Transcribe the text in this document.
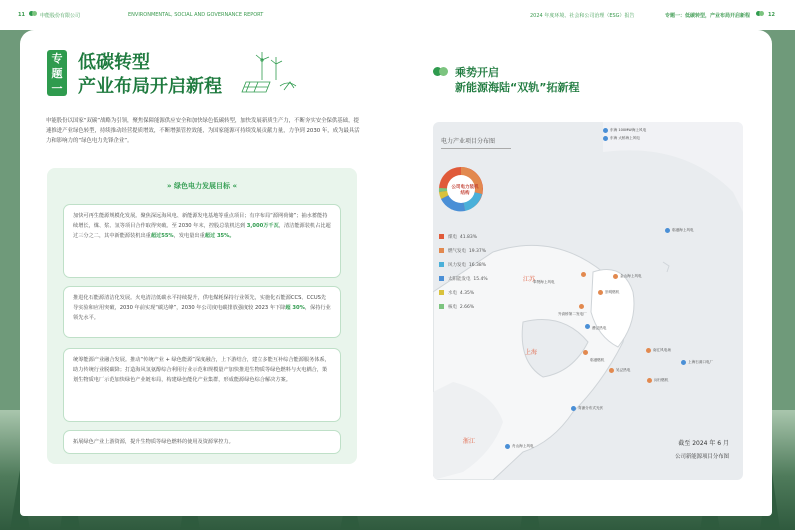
11	申能股份有限公司	ENVIRONMENTAL, SOCIAL AND GOVERNANCE REPORT	2024 年度环境、社会和公司治理（ESG）报告	专题一：低碳转型，产业布局开启新程	12
专
题
一
低碳转型
产业布局开启新程
申能股份以国家“双碳”战略为引领，聚焦保障能源供应安全和加快绿色低碳转型，加快发展新质生产力，不断夯实安全保供基础，提速推进产业绿色转型，持续推动经营提质增效，不断增强管控效能，为国家能源可持续发展贡献力量，力争到 2030 年，成为最具活力和影响力的“绿色电力先锋企业”。
» 绿色电力发展目标 «
加快可再生能源规模化发展。聚焦深远海风电、新能源发电基地等重点项目；有序布局“源网荷储”；抽水蓄能持续增长，煤、浆、氢等项目合作取得突破。至 2030 年末，控股总装机达到 3,000万千瓦，清洁能源装机占比超过三分之二，其中新能源装机出重超过55%，发电量出重超过 35%。
推进化石能源清洁化发展。火电清洁低碳水平持续提升，供电煤耗保持行业领先，实施化石能源CCS、CCUS先导实验和应用突破，2030 年前实现“碳达峰”，2030 年公司度电碳排放强度较 2023 年下降超 30%，保持行业领先水平。
统筹能源产业融合发展。推动“传统产业 + 绿色能源”深度融合，上下游结合，建立多能互补综合能源服务体系，助力传统行业脱碳降；打造海风氢氨醇综合利用行业示范和规模量产加快推进生物质等绿色燃料与火电耦合，策划生物质电厂示范加快绿色产业链布局，构建绿色能化产业集群，形成能源绿色综合解决方案。
拓展绿色产业上游资源，提升生物质等绿色燃料的使用及资源掌控力。
乘势开启
新能源海陆“双轨”拓新程
电力产业项目分布图
公司电力装机结构
煤电 41.83%
燃气发电 19.37%
风力发电 16.38%
太阳能发电 15.4%
水电 4.35%
核电 2.66%
江苏
上海
浙江
东海 100MW海上风电
东海 大桥海上风电
临港海上风电
奉贤海上风电
金山海上风电
崇明燃机
外高桥第二发电厂
漕泾热电
南汇风电场
临港燃机	上海石洞口电厂
吴泾热电
闵行燃机
青浦分布式光伏
舟山海上风电	截至 2024 年 6 月
公司新能源项目分布图
